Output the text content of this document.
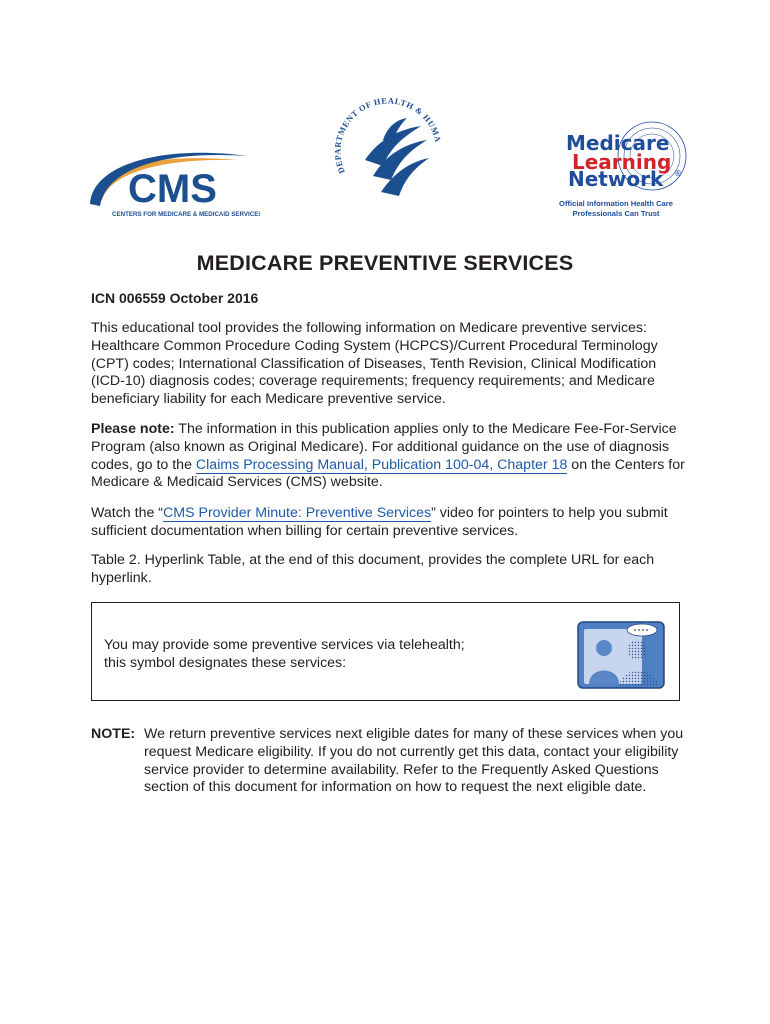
CMS
CENTERS FOR MEDICARE & MEDICAID SERVICES
DEPARTMENT OF HEALTH & HUMA	Medicare
Learning
Network ®
Official Information Health Care
Professionals Can Trust
MEDICARE PREVENTIVE SERVICES

ICN 006559 October 2016

This educational tool provides the following information on Medicare preventive services: Healthcare Common Procedure Coding System (HCPCS)/Current Procedural Terminology (CPT) codes; International Classification of Diseases, Tenth Revision, Clinical Modification (ICD-10) diagnosis codes; coverage requirements; frequency requirements; and Medicare beneficiary liability for each Medicare preventive service.

Please note: The information in this publication applies only to the Medicare Fee-For-Service Program (also known as Original Medicare). For additional guidance on the use of diagnosis codes, go to the Claims Processing Manual, Publication 100-04, Chapter 18 on the Centers for Medicare & Medicaid Services (CMS) website.

Watch the “CMS Provider Minute: Preventive Services” video for pointers to help you submit sufficient documentation when billing for certain preventive services.

Table 2. Hyperlink Table, at the end of this document, provides the complete URL for each hyperlink.

You may provide some preventive services via telehealth;
this symbol designates these services:
NOTE: We return preventive services next eligible dates for many of these services when you request Medicare eligibility. If you do not currently get this data, contact your eligibility service provider to determine availability. Refer to the Frequently Asked Questions section of this document for information on how to request the next eligible date.
